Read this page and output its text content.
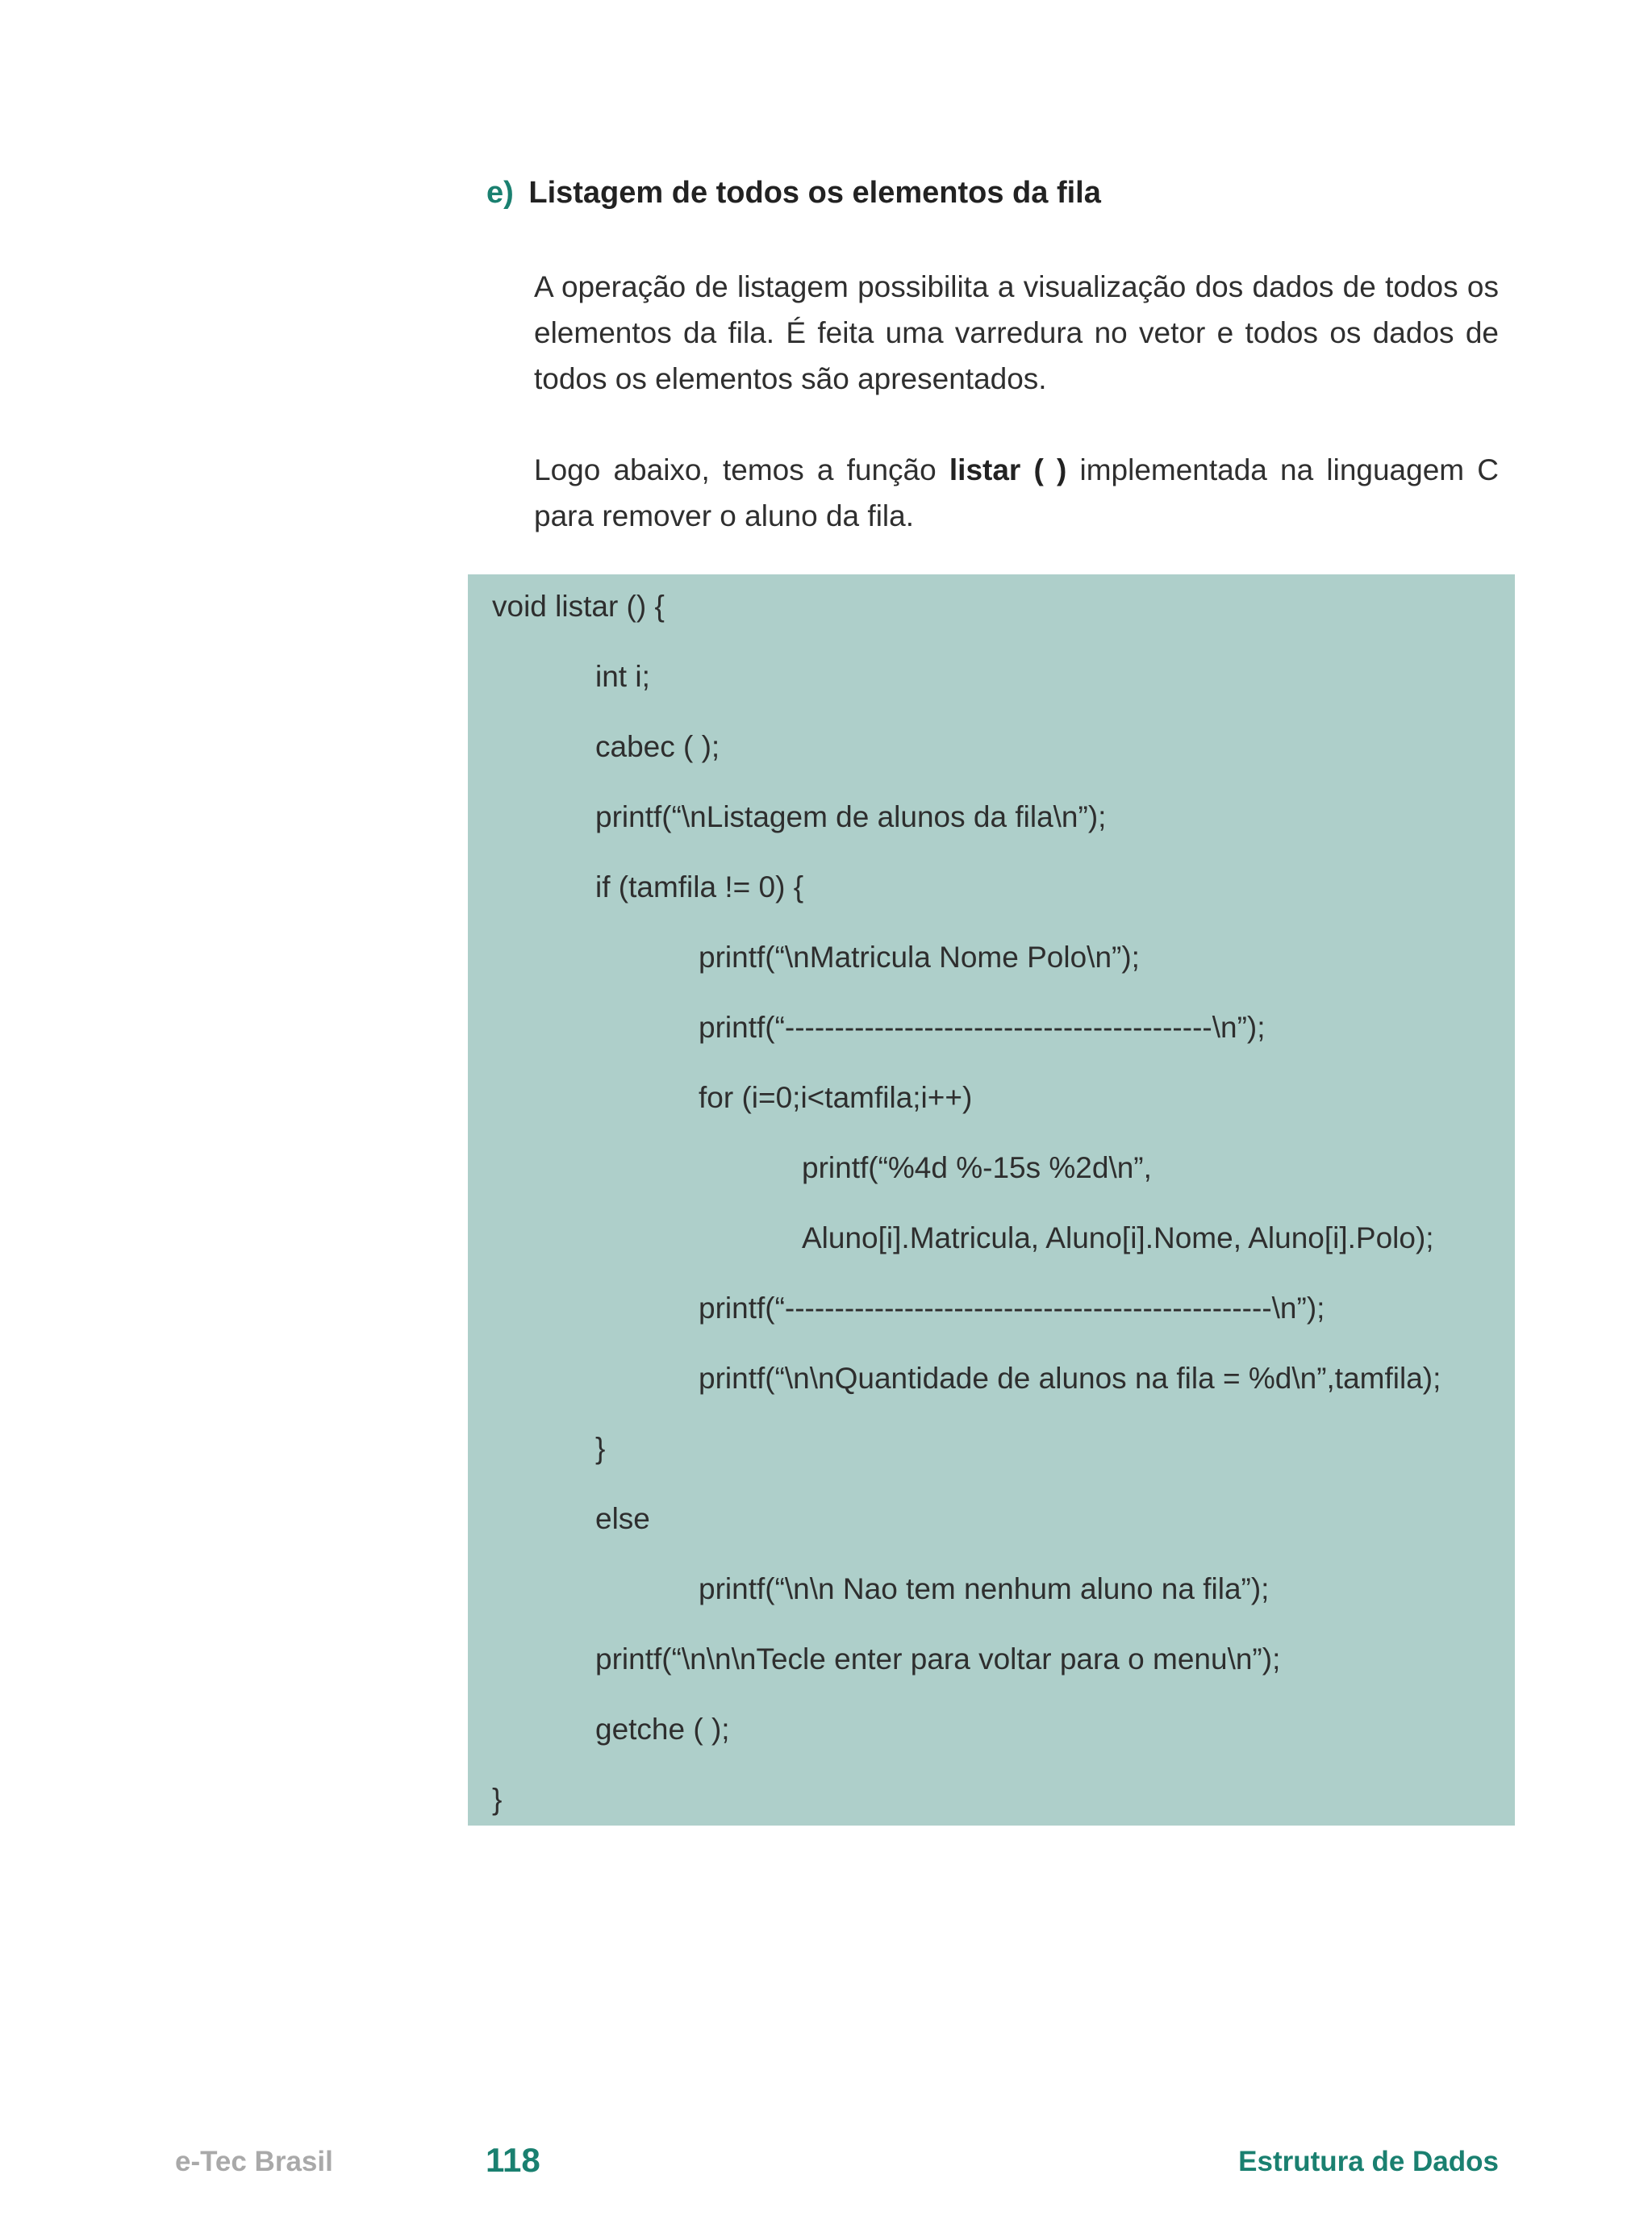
e) Listagem de todos os elementos da fila

A operação de listagem possibilita a visualização dos dados de todos os elementos da fila. É feita uma varredura no vetor e todos os dados de todos os elementos são apresentados.

Logo abaixo, temos a função listar ( ) implementada na linguagem C para remover o aluno da fila.

void listar () {
int i;
cabec ( );
printf(“\nListagem de alunos da fila\n”);
if (tamfila != 0) {
printf(“\nMatricula Nome Polo\n”);
printf(“-------------------------------------------\n”);
for (i=0;i<tamfila;i++)
printf(“%4d %-15s %2d\n”,
Aluno[i].Matricula, Aluno[i].Nome, Aluno[i].Polo);
printf(“-------------------------------------------------\n”);
printf(“\n\nQuantidade de alunos na fila = %d\n”,tamfila);
}
else
printf(“\n\n Nao tem nenhum aluno na fila”);
printf(“\n\n\nTecle enter para voltar para o menu\n”);
getche ( );
}
e-Tec Brasil	118	Estrutura de Dados
